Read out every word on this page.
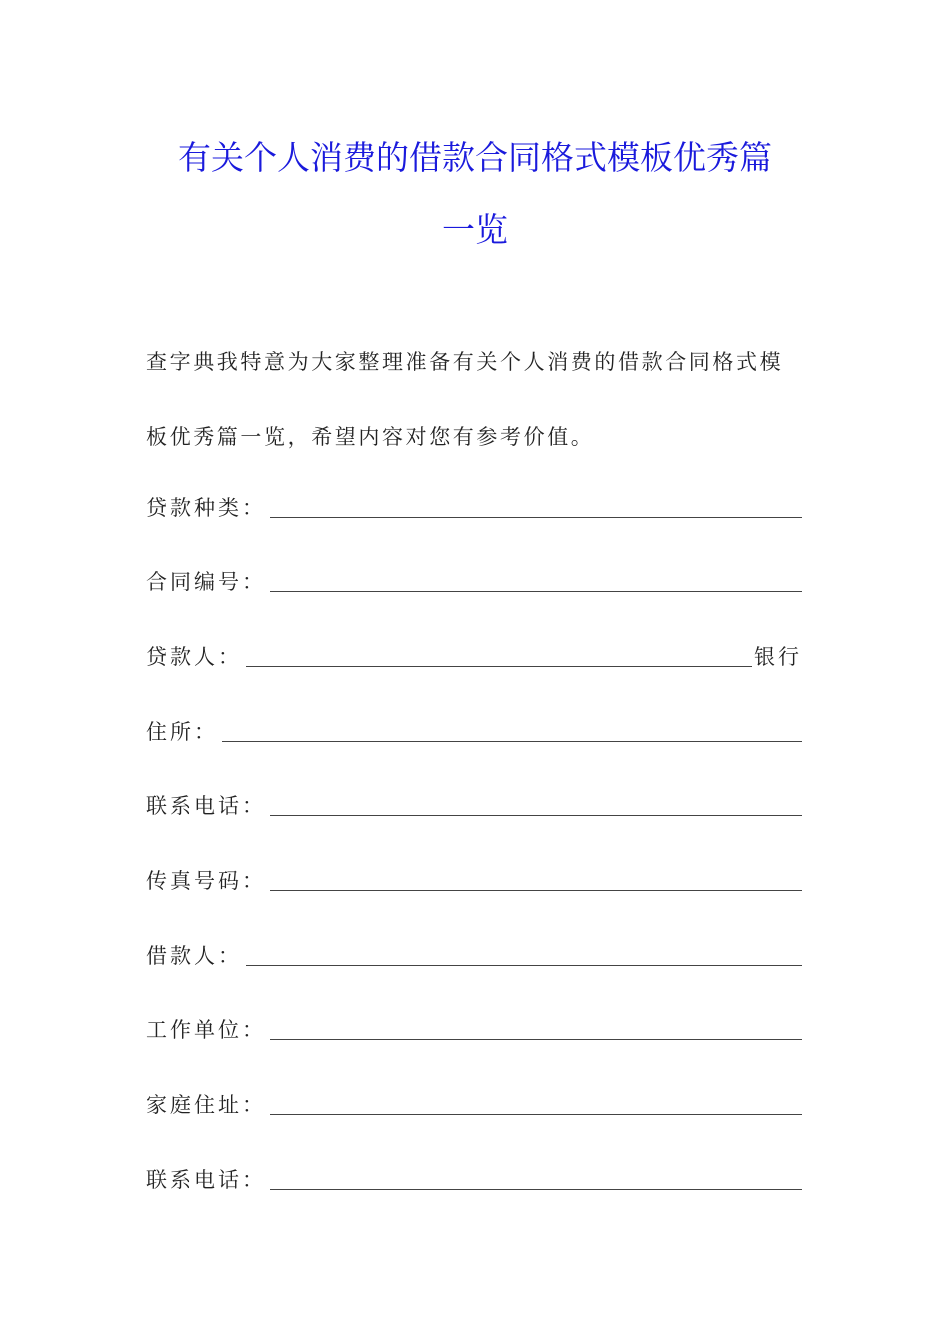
有关个人消费的借款合同格式模板优秀篇
一览
查字典我特意为大家整理准备有关个人消费的借款合同格式模
板优秀篇一览，希望内容对您有参考价值。
贷款种类：
合同编号：
贷款人：	银行
住所：
联系电话：
传真号码：
借款人：
工作单位：
家庭住址：
联系电话：
